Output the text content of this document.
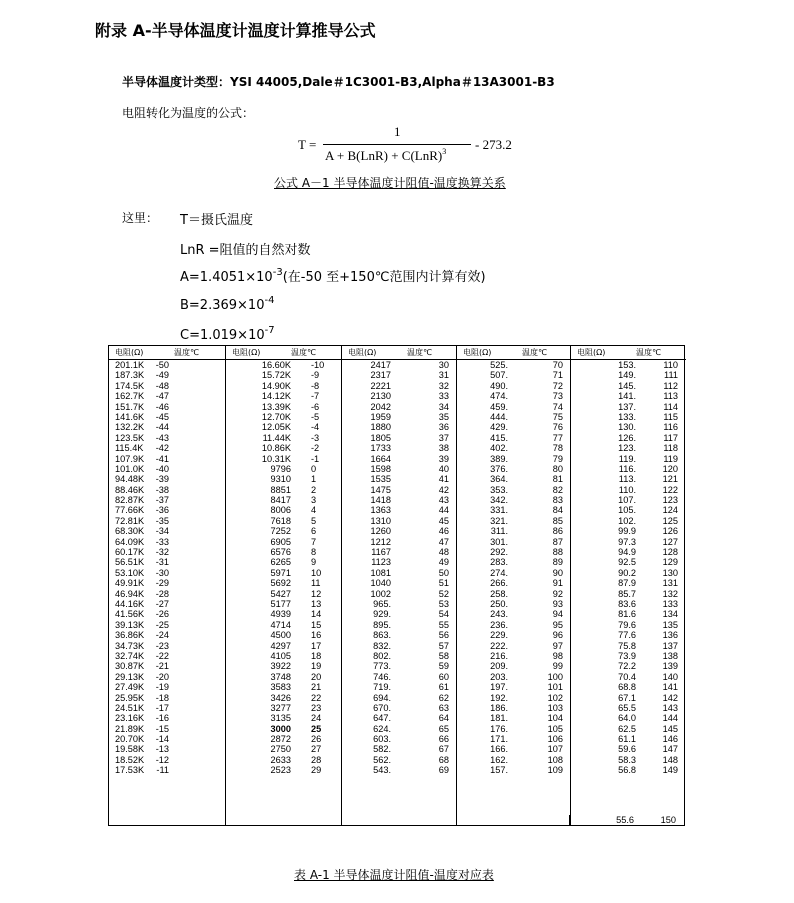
附录 A-半导体温度计温度计算推导公式
半导体温度计类型：YSI 44005,Dale＃1C3001-B3,Alpha＃13A3001-B3
电阻转化为温度的公式：
T =
1
A + B(LnR) + C(LnR)$^3$ - 273.2
公式 A－1 半导体温度计阻值-温度换算关系
这里： T＝摄氏温度
LnR =阻值的自然对数
$A=1.4051\times 10^{-3}$(在-50 至+150℃范围内计算有效)
$B=2.369\times 10^{-4}$
$C=1.019\times 10^{-7}$
电阻(Ω)	温度℃
201.1K -50
187.3K -49
174.5K -48
162.7K -47
151.7K -46
141.6K -45
132.2K -44
123.5K -43
115.4K -42
107.9K -41
101.0K -40
94.48K -39
88.46K -38
82.87K -37
77.66K -36
72.81K -35
68.30K -34
64.09K -33
60.17K -32
56.51K -31
53.10K -30
49.91K -29
46.94K -28
44.16K -27
41.56K -26
39.13K -25
36.86K -24
34.73K -23
32.74K -22
30.87K -21
29.13K -20
27.49K -19
25.95K -18
24.51K -17
23.16K -16
21.89K -15
20.70K -14
19.58K -13
18.52K -12
17.53K -11
电阻(Ω)	温度℃
16.60K -10
15.72K -9
14.90K -8
14.12K -7
13.39K -6
12.70K -5
12.05K -4
11.44K -3
10.86K -2
10.31K -1
9796 0
9310 1
8851 2
8417 3
8006 4
7618 5
7252 6
6905 7
6576 8
6265 9
5971 10
5692 11
5427 12
5177 13
4939 14
4714 15
4500 16
4297 17
4105 18
3922 19
3748 20
3583 21
3426 22
3277 23
3135 24
3000 25
2872 26
2750 27
2633 28
2523 29
电阻(Ω)	温度℃
2417	30
2317	31
2221	32
2130	33
2042	34
1959	35
1880	36
1805	37
1733	38
1664	39
1598	40
1535	41
1475	42
1418	43
1363	44
1310	45
1260	46
1212	47
1167	48
1123	49
1081	50
1040	51
1002	52
965.	53
929.	54
895.	55
863.	56
832.	57
802.	58
773.	59
746.	60
719.	61
694.	62
670.	63
647.	64
624.	65
603.	66
582.	67
562.	68
543.	69
电阻(Ω)	温度℃
525.	70
507.	71
490.	72
474.	73
459.	74
444.	75
429.	76
415.	77
402.	78
389.	79
376.	80
364.	81
353.	82
342.	83
331.	84
321.	85
311.	86
301.	87
292.	88
283.	89
274.	90
266.	91
258.	92
250.	93
243.	94
236.	95
229.	96
222.	97
216.	98
209.	99
203.	100
197.	101
192.	102
186.	103
181.	104
176.	105
171.	106
166.	107
162.	108
157.	109
电阻(Ω)	温度℃
153.	110
149.	111
145.	112
141.	113
137.	114
133.	115
130.	116
126.	117
123.	118
119.	119
116.	120
113.	121
110.	122
107.	123
105.	124
102.	125
99.9	126
97.3	127
94.9	128
92.5	129
90.2	130
87.9	131
85.7	132
83.6	133
81.6	134
79.6	135
77.6	136
75.8	137
73.9	138
72.2	139
70.4	140
68.8	141
67.1	142
65.5	143
64.0	144
62.5	145
61.1	146
59.6	147
58.3	148
56.8	149
55.6	150
表 A-1 半导体温度计阻值-温度对应表
